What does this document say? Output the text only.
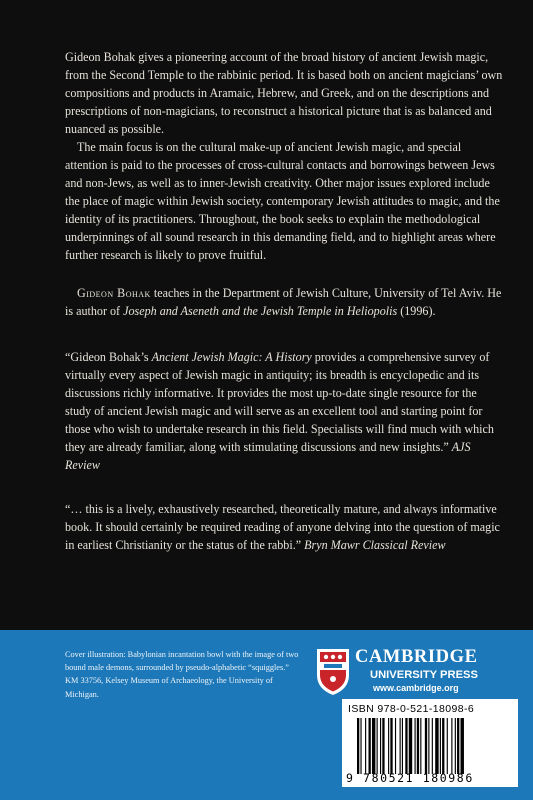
Gideon Bohak gives a pioneering account of the broad history of ancient Jewish magic, from the Second Temple to the rabbinic period. It is based both on ancient magicians’ own compositions and products in Aramaic, Hebrew, and Greek, and on the descriptions and prescriptions of non-magicians, to reconstruct a historical picture that is as balanced and nuanced as possible.

The main focus is on the cultural make-up of ancient Jewish magic, and special attention is paid to the processes of cross-cultural contacts and borrowings between Jews and non-Jews, as well as to inner-Jewish creativity. Other major issues explored include the place of magic within Jewish society, contemporary Jewish attitudes to magic, and the identity of its practitioners. Throughout, the book seeks to explain the methodological underpinnings of all sound research in this demanding field, and to highlight areas where further research is likely to prove fruitful.

Gideon Bohak teaches in the Department of Jewish Culture, University of Tel Aviv. He is author of Joseph and Aseneth and the Jewish Temple in Heliopolis (1996).

“Gideon Bohak’s Ancient Jewish Magic: A History provides a comprehensive survey of virtually every aspect of Jewish magic in antiquity; its breadth is encyclopedic and its discussions richly informative. It provides the most up-to-date single resource for the study of ancient Jewish magic and will serve as an excellent tool and starting point for those who wish to undertake research in this field. Specialists will find much with which they are already familiar, along with stimulating discussions and new insights.” AJS Review

“… this is a lively, exhaustively researched, theoretically mature, and always informative book. It should certainly be required reading of anyone delving into the question of magic in earliest Christianity or the status of the rabbi.” Bryn Mawr Classical Review

Cover illustration: Babylonian incantation bowl with the image of two bound male demons, surrounded by pseudo-alphabetic “squiggles.” KM 33756, Kelsey Museum of Archaeology, the University of Michigan.
CAMBRIDGE
UNIVERSITY PRESS
www.cambridge.org
ISBN 978-0-521-18098-6
9 780521 180986
